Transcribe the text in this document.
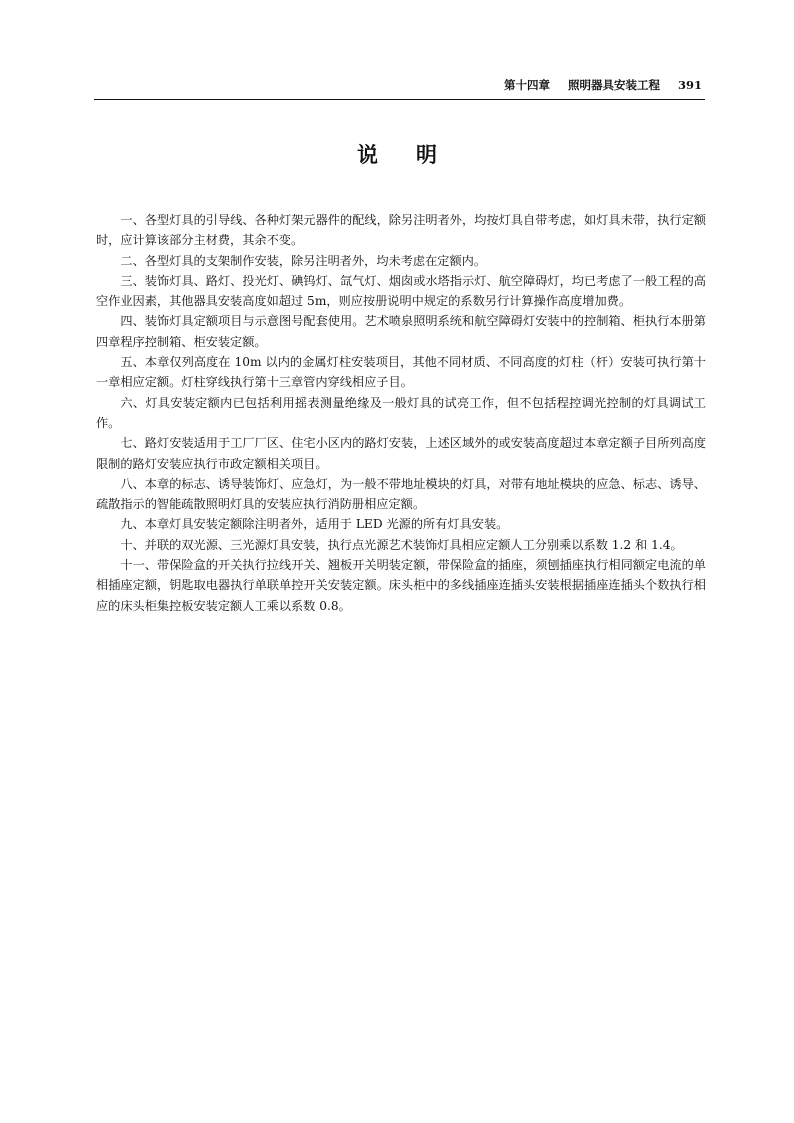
第十四章 照明器具安装工程 391
说明

一、各型灯具的引导线、各种灯架元器件的配线，除另注明者外，均按灯具自带考虑，如灯具未带，执行定额时，应计算该部分主材费，其余不变。

二、各型灯具的支架制作安装，除另注明者外，均未考虑在定额内。

三、装饰灯具、路灯、投光灯、碘钨灯、氙气灯、烟囱或水塔指示灯、航空障碍灯，均已考虑了一般工程的高空作业因素，其他器具安装高度如超过 5m，则应按册说明中规定的系数另行计算操作高度增加费。

四、装饰灯具定额项目与示意图号配套使用。艺术喷泉照明系统和航空障碍灯安装中的控制箱、柜执行本册第四章程序控制箱、柜安装定额。

五、本章仅列高度在 10m 以内的金属灯柱安装项目，其他不同材质、不同高度的灯柱（杆）安装可执行第十一章相应定额。灯柱穿线执行第十三章管内穿线相应子目。

六、灯具安装定额内已包括利用摇表测量绝缘及一般灯具的试亮工作，但不包括程控调光控制的灯具调试工作。

七、路灯安装适用于工厂厂区、住宅小区内的路灯安装，上述区域外的或安装高度超过本章定额子目所列高度限制的路灯安装应执行市政定额相关项目。

八、本章的标志、诱导装饰灯、应急灯，为一般不带地址模块的灯具，对带有地址模块的应急、标志、诱导、疏散指示的智能疏散照明灯具的安装应执行消防册相应定额。

九、本章灯具安装定额除注明者外，适用于 LED 光源的所有灯具安装。

十、并联的双光源、三光源灯具安装，执行点光源艺术装饰灯具相应定额人工分别乘以系数 1.2 和 1.4。

十一、带保险盒的开关执行拉线开关、翘板开关明装定额，带保险盒的插座，须刨插座执行相同额定电流的单相插座定额，钥匙取电器执行单联单控开关安装定额。床头柜中的多线插座连插头安装根据插座连插头个数执行相应的床头柜集控板安装定额人工乘以系数 0.8。
